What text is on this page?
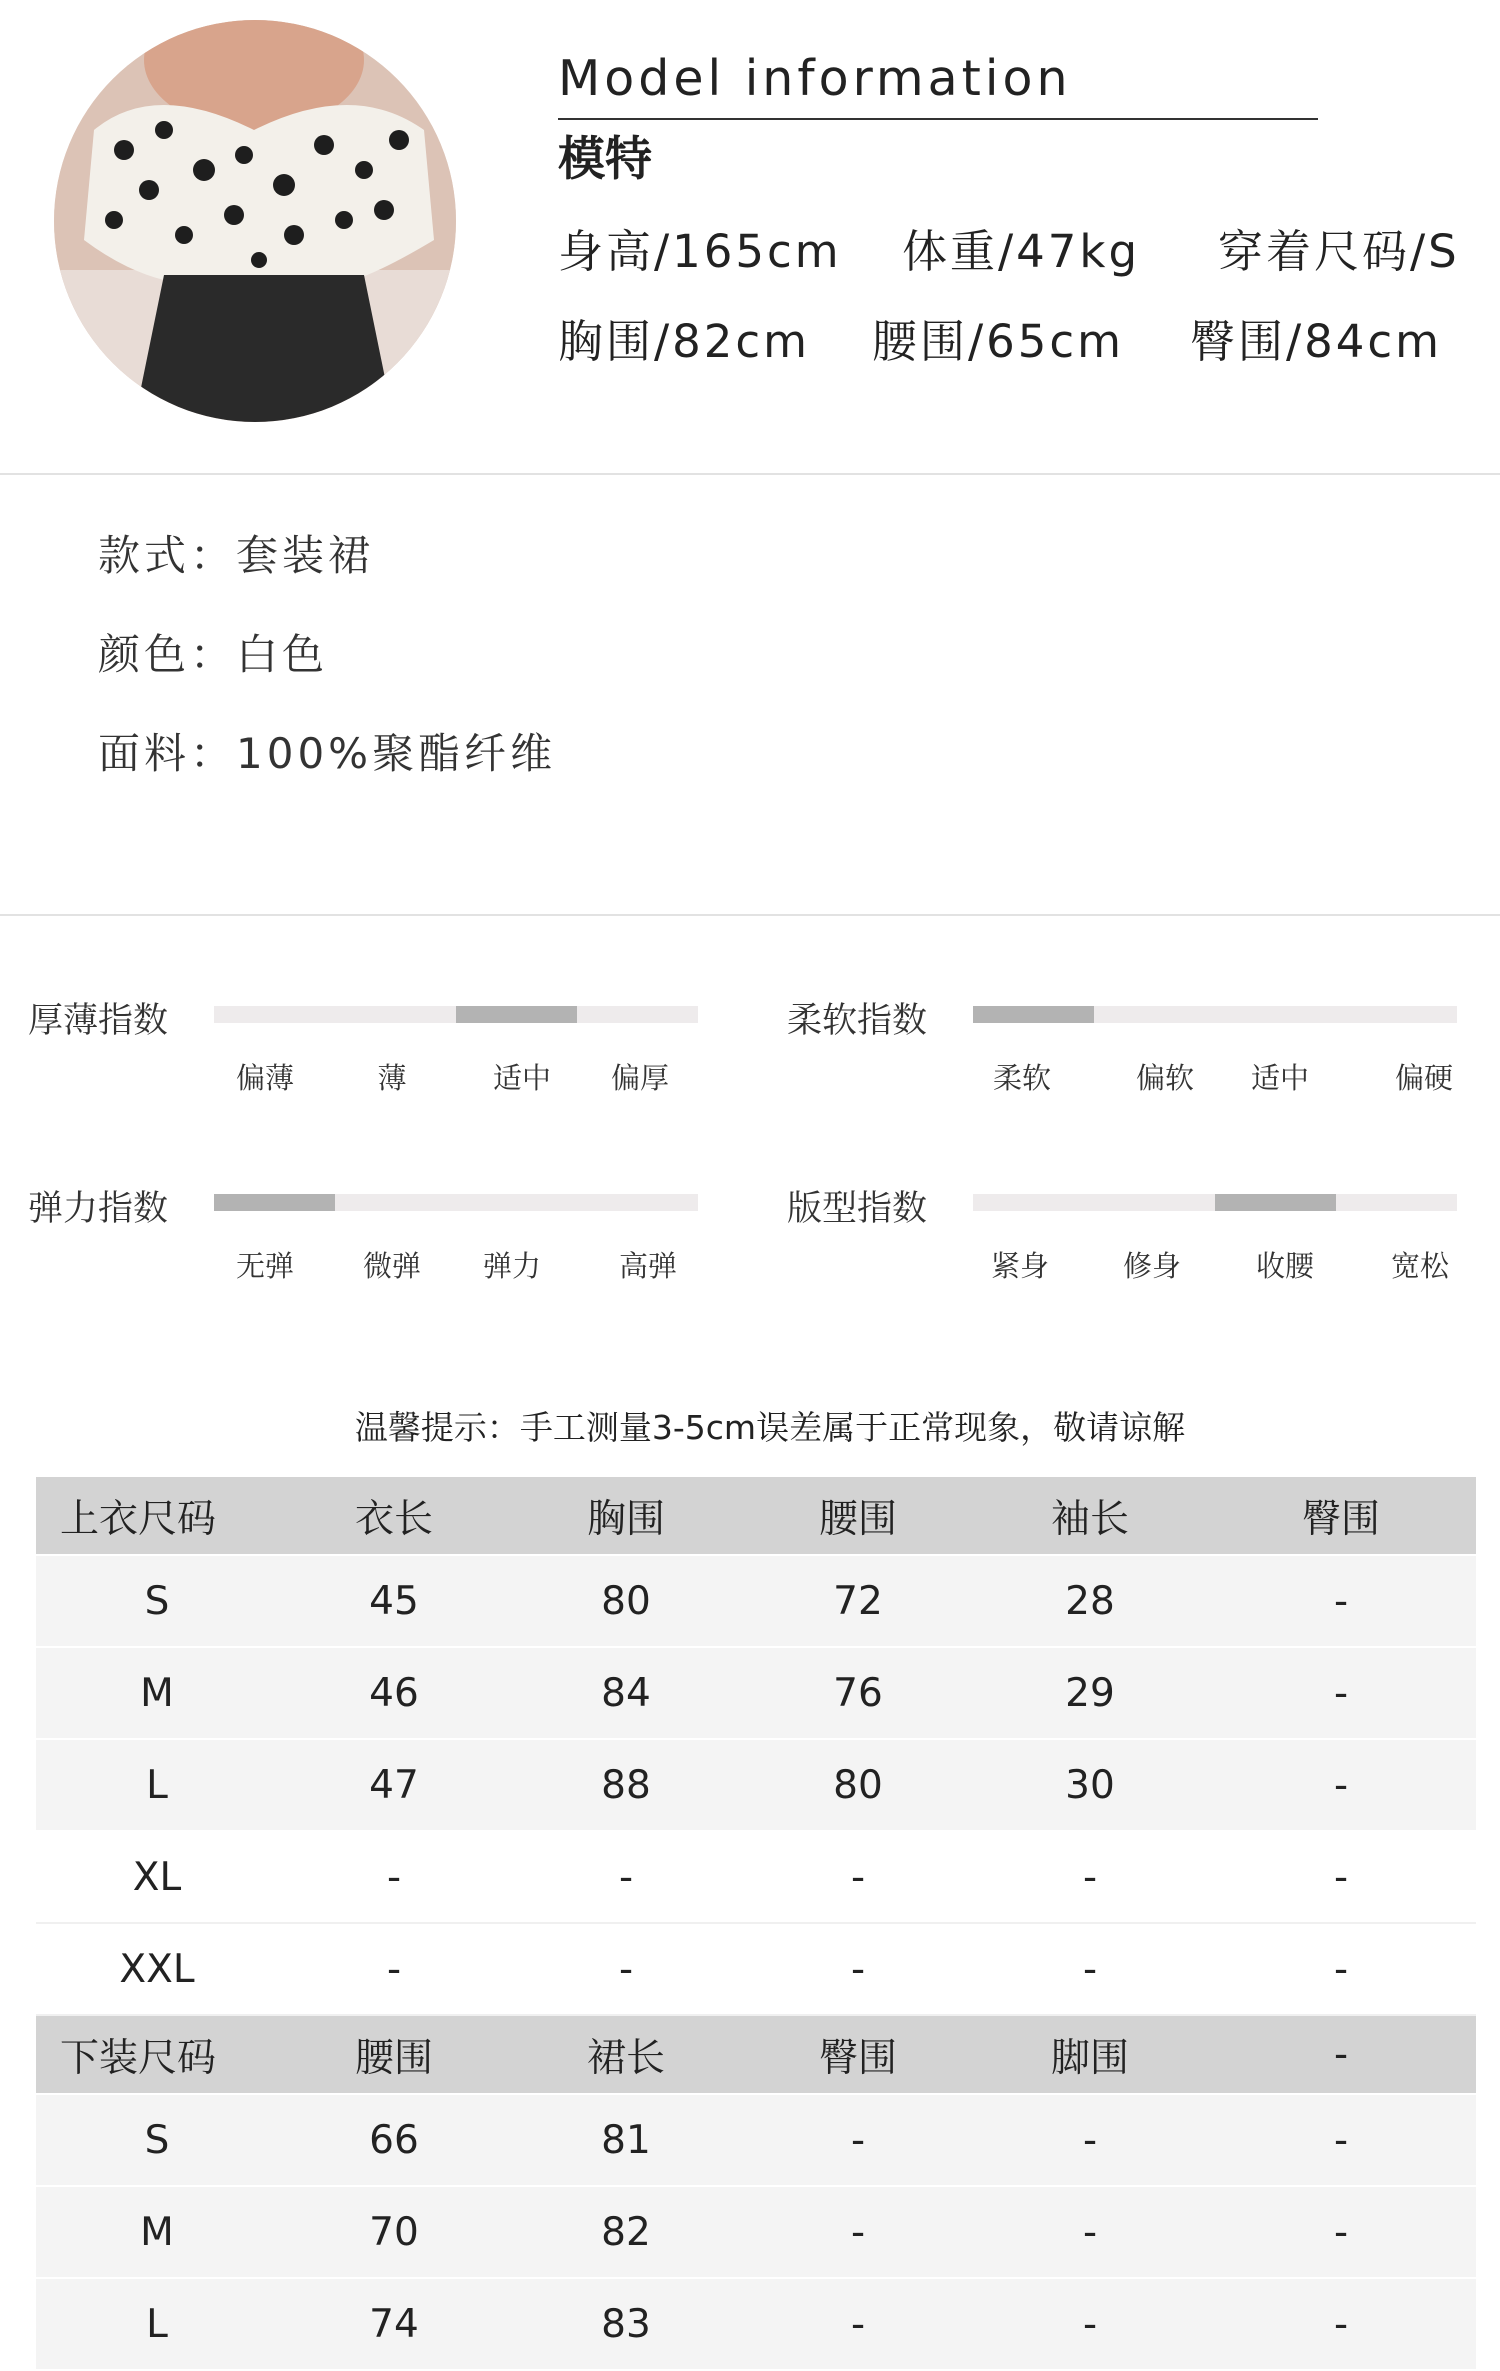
Model information
模特
身高/165cm 体重/47kg 穿着尺码/S
胸围/82cm 腰围/65cm 臀围/84cm
款式：套装裙
颜色：白色
面料：100%聚酯纤维
厚薄指数
偏薄	薄	适中 偏厚
柔软指数
柔软	偏软 适中	偏硬
弹力指数
无弹 微弹 弹力	高弹
版型指数
紧身	修身	收腰	宽松
温馨提示：手工测量3-5cm误差属于正常现象，敬请谅解
上衣尺码	衣长	胸围	腰围	袖长	臀围
S	45	80	72	28	-
M	46	84	76	29	-
L	47	88	80	30	-
XL	-	-	-	-	-
XXL	-	-	-	-	-
下装尺码	腰围	裙长	臀围	脚围	-
S	66	81	-	-	-
M	70	82	-	-	-
L	74	83	-	-	-
